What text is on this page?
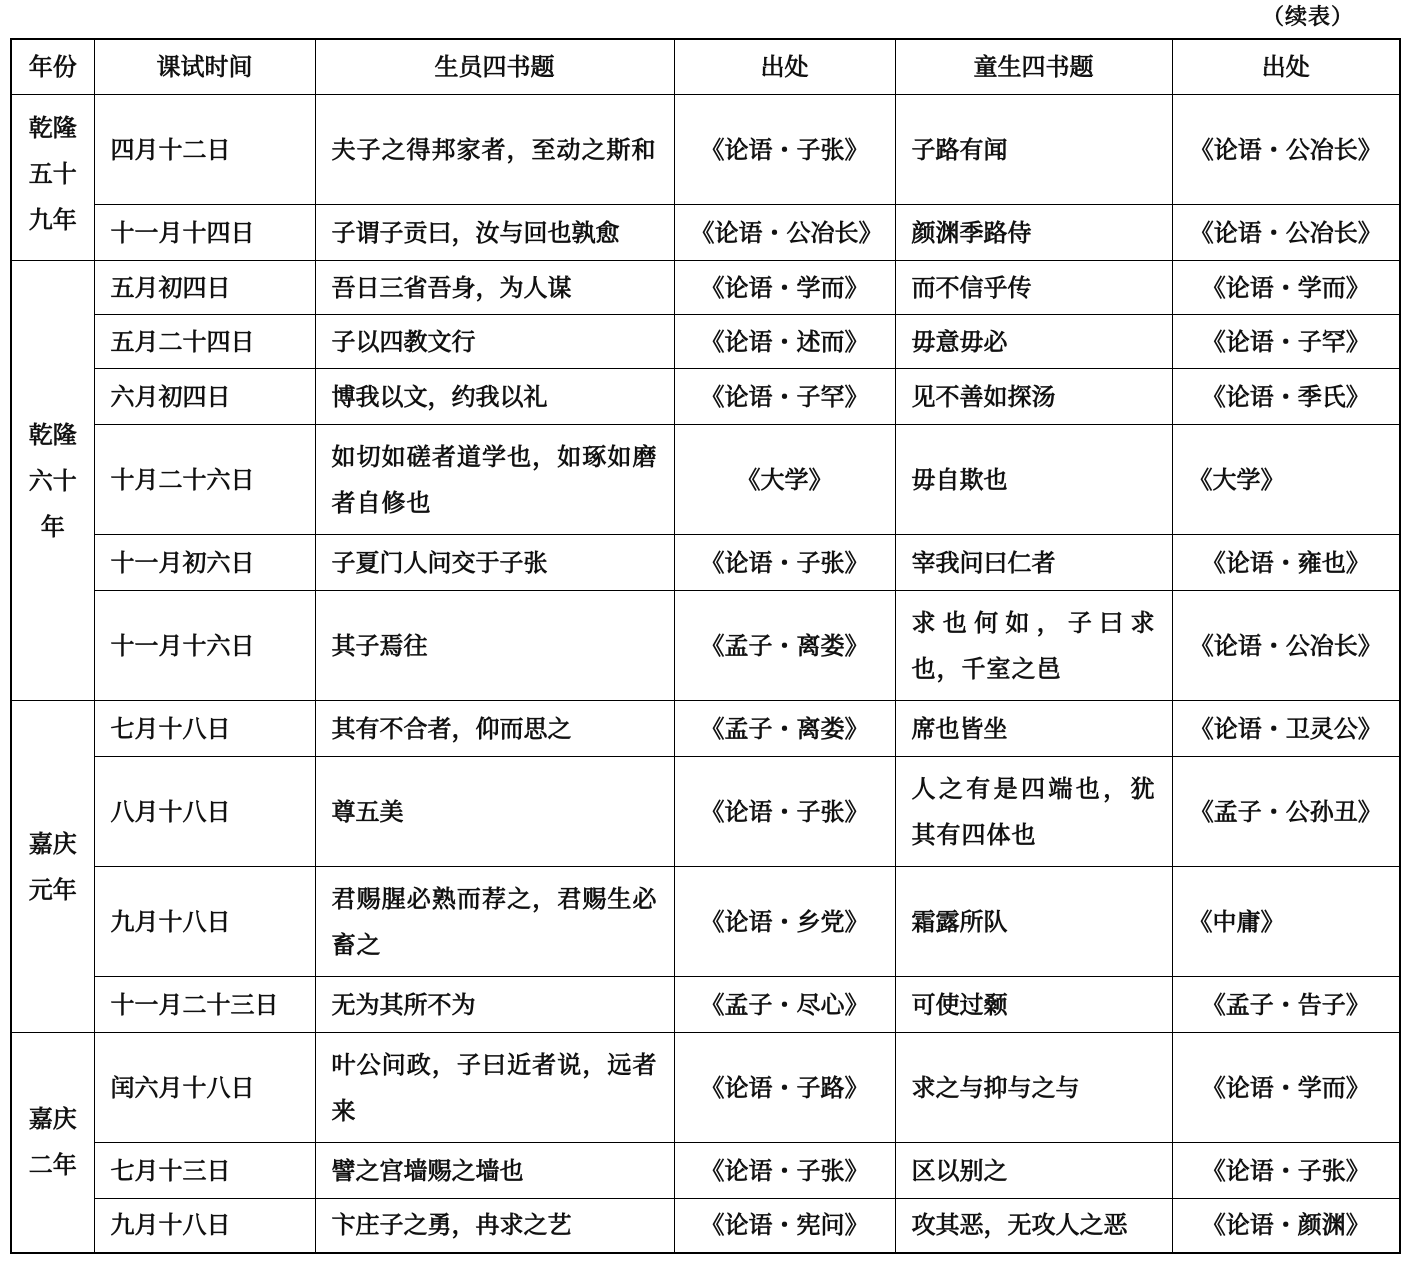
（续表）
年份	课试时间	生员四书题	出处	童生四书题	出处
乾隆五十九年	四月十二日	夫子之得邦家者，至动之斯和	《论语・子张》	子路有闻	《论语・公冶长》
	十一月十四日	子谓子贡曰，汝与回也孰愈	《论语・公冶长》	颜渊季路侍	《论语・公冶长》
乾隆六十年	五月初四日	吾日三省吾身，为人谋	《论语・学而》	而不信乎传	《论语・学而》
	五月二十四日	子以四教文行	《论语・述而》	毋意毋必	《论语・子罕》
	六月初四日	博我以文，约我以礼	《论语・子罕》	见不善如探汤	《论语・季氏》
	十月二十六日	如切如磋者道学也，如琢如磨者自修也	《大学》	毋自欺也	《大学》
	十一月初六日	子夏门人问交于子张	《论语・子张》	宰我问曰仁者	《论语・雍也》
	十一月十六日	其子焉往	《孟子・离娄》	求也何如，子曰求也，千室之邑	《论语・公冶长》
嘉庆元年	七月十八日	其有不合者，仰而思之	《孟子・离娄》	席也皆坐	《论语・卫灵公》
	八月十八日	尊五美	《论语・子张》	人之有是四端也，犹其有四体也	《孟子・公孙丑》
	九月十八日	君赐腥必熟而荐之，君赐生必畜之	《论语・乡党》	霜露所队	《中庸》
	十一月二十三日	无为其所不为	《孟子・尽心》	可使过颡	《孟子・告子》
嘉庆二年	闰六月十八日	叶公问政，子曰近者说，远者来	《论语・子路》	求之与抑与之与	《论语・学而》
	七月十三日	譬之宫墙赐之墙也	《论语・子张》	区以别之	《论语・子张》
	九月十八日	卞庄子之勇，冉求之艺	《论语・宪问》	攻其恶，无攻人之恶	《论语・颜渊》
